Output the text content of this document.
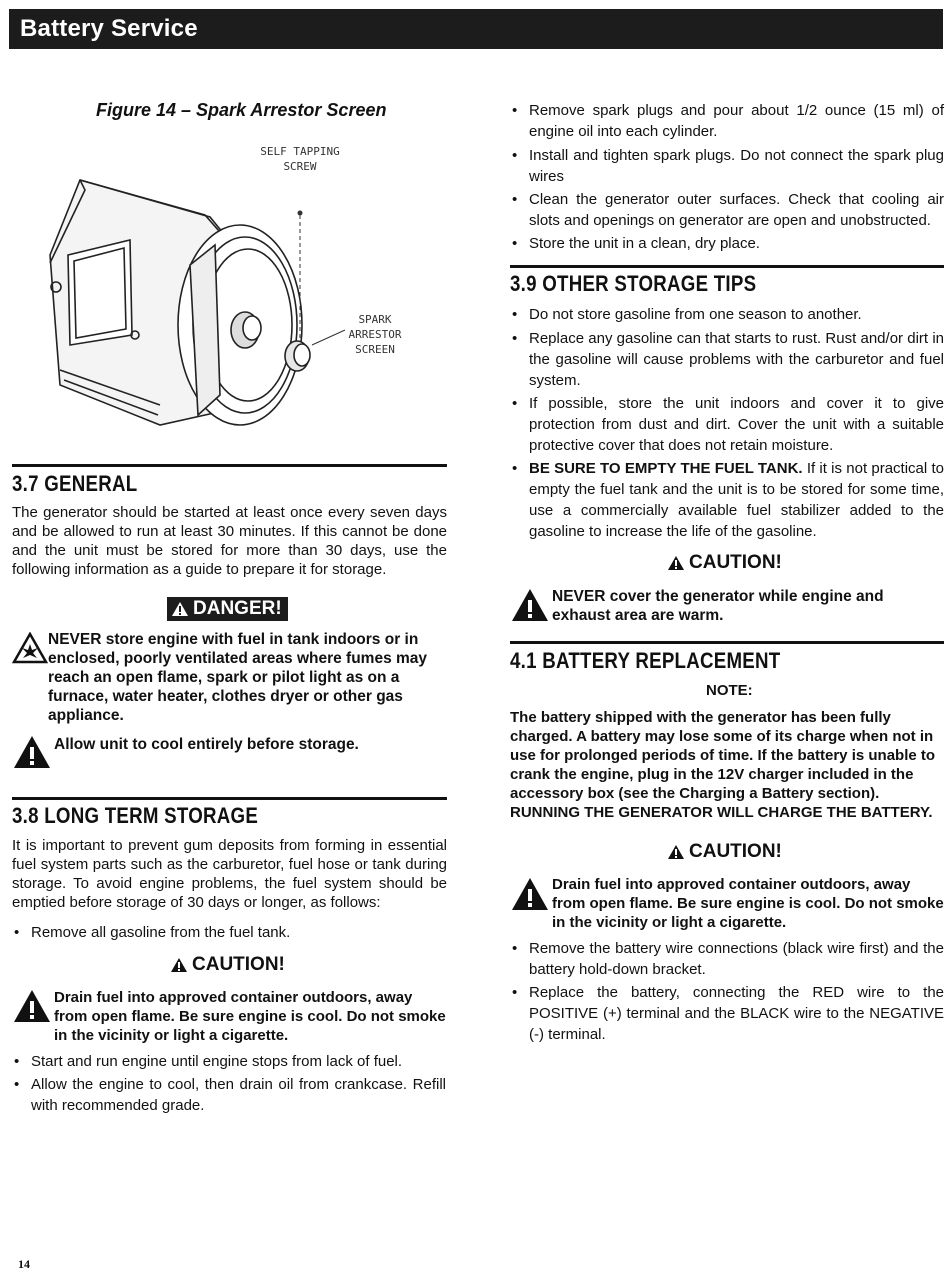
Battery Service
Figure 14 – Spark Arrestor Screen
SELF TAPPING
SCREW
SPARK
ARRESTOR
SCREEN
3.7 GENERAL
The generator should be started at least once every seven days and be allowed to run at least 30 minutes. If this cannot be done and the unit must be stored for more than 30 days, use the following information as a guide to prepare it for storage.
DANGER!
NEVER store engine with fuel in tank indoors or in enclosed, poorly ventilated areas where fumes may reach an open flame, spark or pilot light as on a furnace, water heater, clothes dryer or other gas appliance.
Allow unit to cool entirely before storage.
3.8 LONG TERM STORAGE
It is important to prevent gum deposits from forming in essential fuel system parts such as the carburetor, fuel hose or tank during storage. To avoid engine problems, the fuel system should be emptied before storage of 30 days or longer, as follows:
• Remove all gasoline from the fuel tank.
CAUTION!
Drain fuel into approved container outdoors, away from open flame. Be sure engine is cool. Do not smoke in the vicinity or light a cigarette.
• Start and run engine until engine stops from lack of fuel.
• Allow the engine to cool, then drain oil from crankcase. Refill with recommended grade.
• Remove spark plugs and pour about 1/2 ounce (15 ml) of engine oil into each cylinder.
• Install and tighten spark plugs. Do not connect the spark plug wires
• Clean the generator outer surfaces. Check that cooling air slots and openings on generator are open and unobstructed.
• Store the unit in a clean, dry place.
3.9 OTHER STORAGE TIPS
• Do not store gasoline from one season to another.
• Replace any gasoline can that starts to rust. Rust and/or dirt in the gasoline will cause problems with the carburetor and fuel system.
• If possible, store the unit indoors and cover it to give protection from dust and dirt. Cover the unit with a suitable protective cover that does not retain moisture.
• BE SURE TO EMPTY THE FUEL TANK. If it is not practical to empty the fuel tank and the unit is to be stored for some time, use a commercially available fuel stabilizer added to the gasoline to increase the life of the gasoline.
CAUTION!
NEVER cover the generator while engine and exhaust area are warm.
4.1 BATTERY REPLACEMENT
NOTE:
The battery shipped with the generator has been fully charged. A battery may lose some of its charge when not in use for prolonged periods of time. If the battery is unable to crank the engine, plug in the 12V charger included in the accessory box (see the Charging a Battery section). RUNNING THE GENERATOR WILL CHARGE THE BATTERY.
CAUTION!
Drain fuel into approved container outdoors, away from open flame. Be sure engine is cool. Do not smoke in the vicinity or light a cigarette.
• Remove the battery wire connections (black wire first) and the battery hold-down bracket.
• Replace the battery, connecting the RED wire to the POSITIVE (+) terminal and the BLACK wire to the NEGATIVE (-) terminal.
14
